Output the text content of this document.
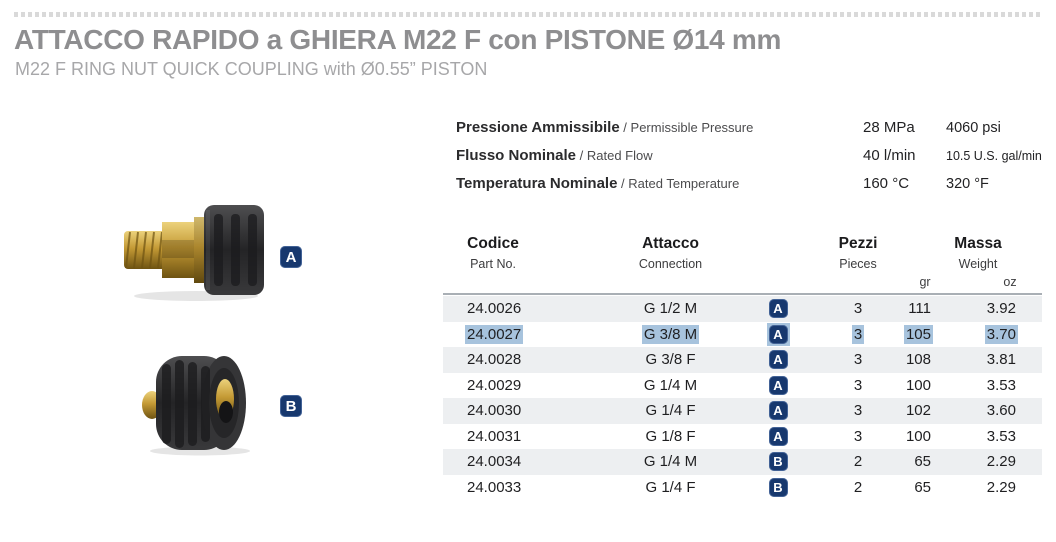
ATTACCO RAPIDO a GHIERA M22 F con PISTONE Ø14 mm
M22 F RING NUT QUICK COUPLING with Ø0.55” PISTON
Pressione Ammissibile / Permissible Pressure	28 MPa	4060 psi
Flusso Nominale / Rated Flow	40 l/min	10.5 U.S. gal/min
Temperatura Nominale / Rated Temperature	160 °C	320 °F
A
B
Codice
Part No.
Attacco
Connection
Pezzi
Pieces
Massa
Weight
gr	oz
24.0026	G 1/2 M	A	3	111	3.92
24.0027	G 3/8 M	A	3	105	3.70
24.0028	G 3/8 F	A	3	108	3.81
24.0029	G 1/4 M	A	3	100	3.53
24.0030	G 1/4 F	A	3	102	3.60
24.0031	G 1/8 F	A	3	100	3.53
24.0034	G 1/4 M	B	2	65	2.29
24.0033	G 1/4 F	B	2	65	2.29
